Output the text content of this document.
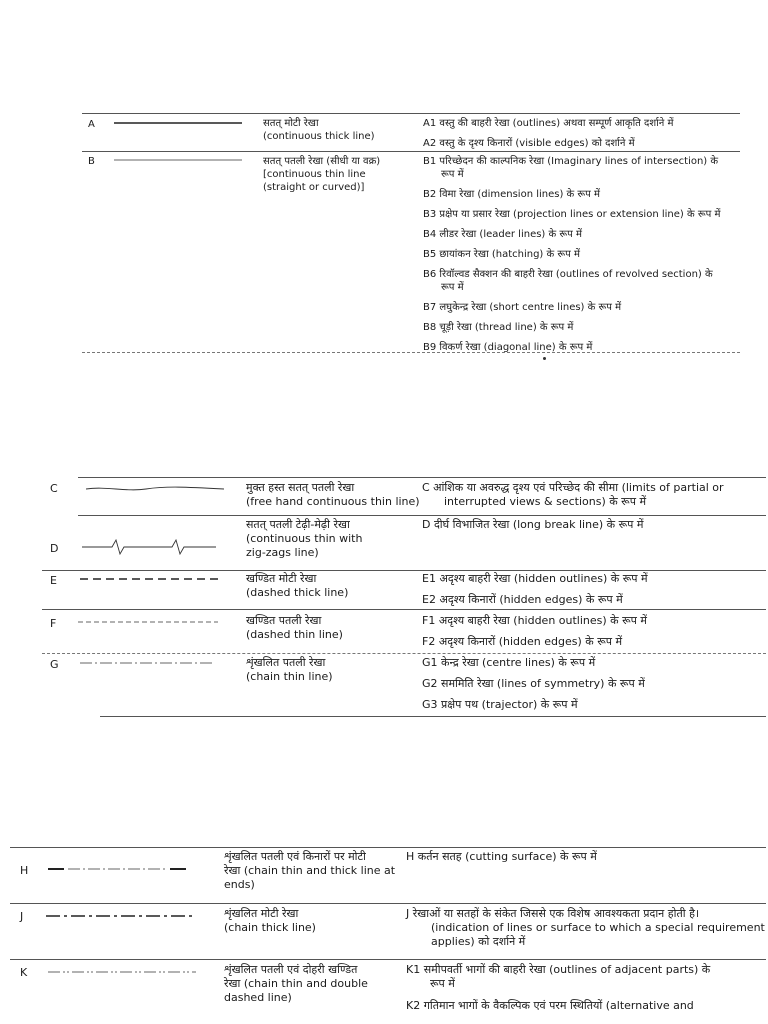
A	सतत् मोटी रेखा
(continuous thick line)
A1 वस्तु की बाहरी रेखा (outlines) अथवा सम्पूर्ण आकृति दर्शाने में
A2 वस्तु के दृश्य किनारों (visible edges) को दर्शाने में
B	सतत् पतली रेखा (सीधी या वक्र)
[continuous thin line
(straight or curved)]
B1 परिच्छेदन की काल्पनिक रेखा (Imaginary lines of intersection) के
रूप में
B2 विमा रेखा (dimension lines) के रूप में
B3 प्रक्षेप या प्रसार रेखा (projection lines or extension line) के रूप में
B4 लीडर रेखा (leader lines) के रूप में
B5 छायांकन रेखा (hatching) के रूप में
B6 रिवॉल्वड सैक्शन की बाहरी रेखा (outlines of revolved section) के
रूप में
B7 लघुकेन्द्र रेखा (short centre lines) के रूप में
B8 चूड़ी रेखा (thread line) के रूप में
B9 विकर्ण रेखा (diagonal line) के रूप में
C	मुक्त हस्त सतत् पतली रेखा
(free hand continuous thin line)
C आंशिक या अवरुद्ध दृश्य एवं परिच्छेद की सीमा (limits of partial or
interrupted views & sections) के रूप में
D
सतत् पतली टेढ़ी-मेढ़ी रेखा
(continuous thin with
zig-zags line)
D दीर्घ विभाजित रेखा (long break line) के रूप में
E	खण्डित मोटी रेखा
(dashed thick line)
E1 अदृश्य बाहरी रेखा (hidden outlines) के रूप में
E2 अदृश्य किनारों (hidden edges) के रूप में
F	खण्डित पतली रेखा
(dashed thin line)
F1 अदृश्य बाहरी रेखा (hidden outlines) के रूप में
F2 अदृश्य किनारों (hidden edges) के रूप में
G	शृंखलित पतली रेखा
(chain thin line)
G1 केन्द्र रेखा (centre lines) के रूप में
G2 सममिति रेखा (lines of symmetry) के रूप में
G3 प्रक्षेप पथ (trajector) के रूप में
H
शृंखलित पतली एवं किनारों पर मोटी
रेखा (chain thin and thick line at
ends)
H कर्तन सतह (cutting surface) के रूप में
J	शृंखलित मोटी रेखा
(chain thick line)
J रेखाओं या सतहों के संकेत जिससे एक विशेष आवश्यकता प्रदान होती है।
(indication of lines or surface to which a special requirement
applies) को दर्शाने में
K	शृंखलित पतली एवं दोहरी खण्डित
रेखा (chain thin and double
dashed line)
K1 समीपवर्ती भागों की बाहरी रेखा (outlines of adjacent parts) के
रूप में
K2 गतिमान भागों के वैकल्पिक एवं परम स्थितियों (alternative and
